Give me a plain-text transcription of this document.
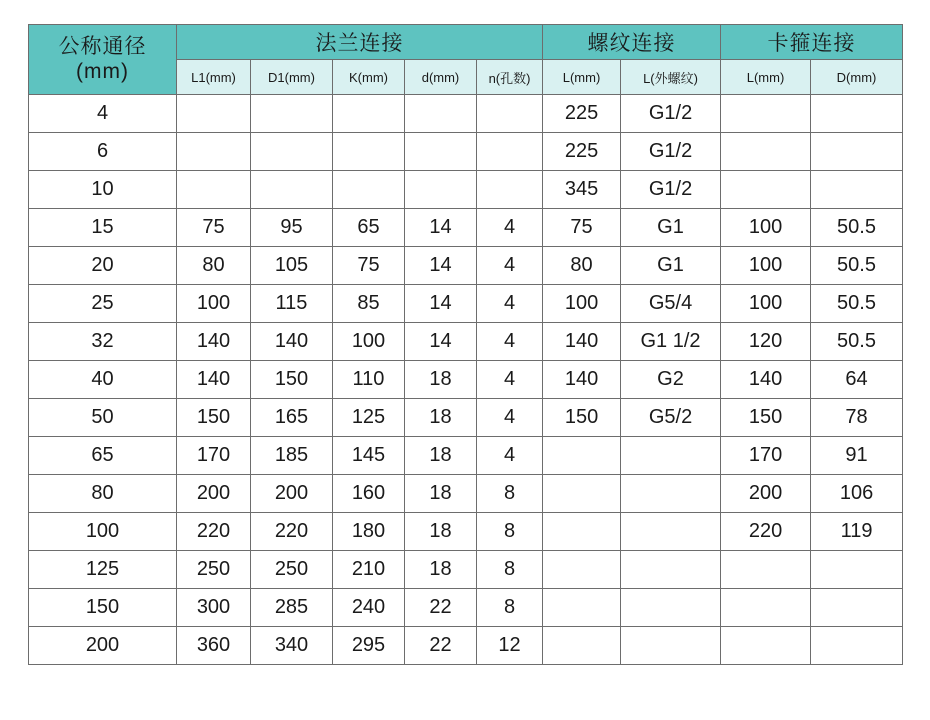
公称通径
(mm)	法兰连接					螺纹连接		卡箍连接	
	L1(mm)	D1(mm)	K(mm)	d(mm)	n(孔数)	L(mm)	L(外螺纹)	L(mm)	D(mm)
4						225	G1/2		
6						225	G1/2		
10						345	G1/2		
15	75	95	65	14	4	75	G1	100	50.5
20	80	105	75	14	4	80	G1	100	50.5
25	100	115	85	14	4	100	G5/4	100	50.5
32	140	140	100	14	4	140	G1 1/2	120	50.5
40	140	150	110	18	4	140	G2	140	64
50	150	165	125	18	4	150	G5/2	150	78
65	170	185	145	18	4			170	91
80	200	200	160	18	8			200	106
100	220	220	180	18	8			220	119
125	250	250	210	18	8				
150	300	285	240	22	8				
200	360	340	295	22	12				
